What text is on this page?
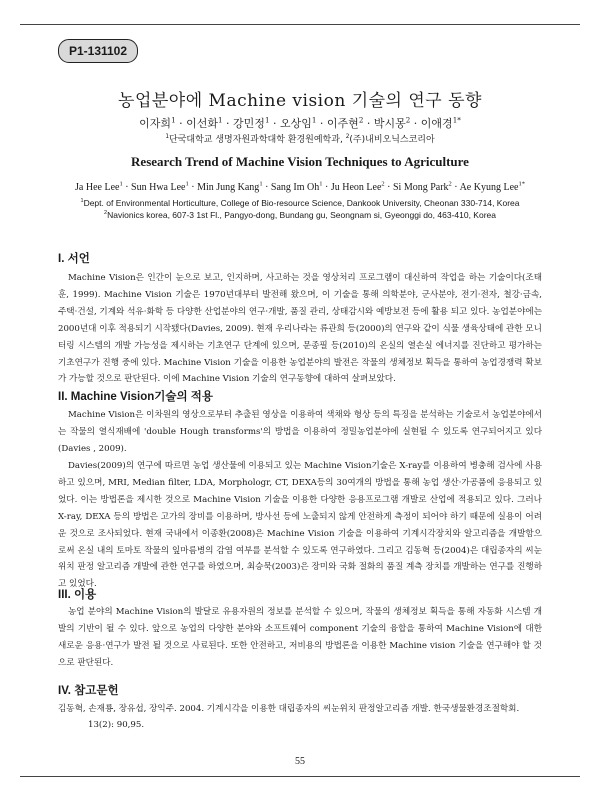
P1-131102
농업분야에 Machine vision 기술의 연구 동향
이자희$^1$ · 이선화$^1$ · 강민정$^1$ · 오상임$^1$ · 이주현$^2$ · 박시몽$^2$ · 이애경$^{1*}$
$^1$단국대학교 생명자원과학대학 환경원예학과, $^2$(주)내비오닉스코리아
Research Trend of Machine Vision Techniques to Agriculture
Ja Hee Lee$^1$ · Sun Hwa Lee$^1$ · Min Jung Kang$^1$ · Sang Im $Oh^1 \cdot Ju$ Heon Lee$^2$ · Si Mong Park$^2$ · Ae Kyung Lee$^{1*}$
$^1$Dept. of Environmental Horticulture, College of Bio-resource Science, Dankook University, Cheonan 330-714, Korea
$^2$Navionics korea, 607-3 1st Fl., Pangyo-dong, Bundang gu, Seongnam si, Gyeonggi do, 463-410, Korea
I. 서언

Machine Vision은 인간이 눈으로 보고, 인지하며, 사고하는 것을 영상처리 프로그램이 대신하여 작업을 하는 기술이다(조태훈, 1999). Machine Vision 기술은 1970년대부터 발전해 왔으며, 이 기술을 통해 의학분야, 군사분야, 전기·전자, 철강·금속, 주택·건설, 기계와 석유·화학 등 다양한 산업분야의 연구·개발, 품질 관리, 상태감시와 예방보전 등에 활용 되고 있다. 농업분야에는 2000년대 이후 적용되기 시작됐다(Davies, 2009). 현재 우리나라는 류관희 등(2000)의 연구와 같이 식물 생육상태에 관한 모니터링 시스템의 개발 가능성을 제시하는 기초연구 단계에 있으며, 문종필 등(2010)의 온실의 열손실 에너지를 진단하고 평가하는 기초연구가 진행 중에 있다. Machine Vision 기술을 이용한 농업분야의 발전은 작물의 생체정보 획득을 통하여 농업경쟁력 확보가 가능할 것으로 판단된다. 이에 Machine Vision 기술의 연구동향에 대하여 살펴보았다.

II. Machine Vision기술의 적용

Machine Vision은 이차원의 영상으로부터 추출된 영상을 이용하여 색채와 형상 등의 특징을 분석하는 기술로서 농업분야에서는 작물의 열식재배에 'double Hough transforms'의 방법을 이용하여 정밀농업분야에 실현될 수 있도록 연구되어지고 있다(Davies , 2009).

Davies(2009)의 연구에 따르면 농업 생산물에 이용되고 있는 Machine Vision기술은 X-ray를 이용하여 병충해 검사에 사용하고 있으며, MRI, Median filter, LDA, Morphologr, CT, DEXA등의 30여개의 방법을 통해 농업 생산·가공품에 응용되고 있었다. 이는 방법론을 제시한 것으로 Machine Vision 기술을 이용한 다양한 응용프로그램 개발로 산업에 적용되고 있다. 그러나 X-ray, DEXA 등의 방법은 고가의 장비를 이용하며, 방사선 등에 노출되지 않게 안전하게 측정이 되어야 하기 때문에 실용이 어려운 것으로 조사되었다. 현재 국내에서 이종환(2008)은 Machine Vision 기술을 이용하여 기계시각장치와 알고리즘을 개발함으로써 온실 내의 토마토 작물의 잎마름병의 감염 여부를 분석할 수 있도록 연구하였다. 그리고 김동혁 등(2004)은 대립종자의 씨눈위치 판정 알고리즘 개발에 관한 연구를 하였으며, 최승묵(2003)은 장미와 국화 절화의 품질 계측 장치를 개발하는 연구를 진행하고 있었다.

III. 이용

농업 분야의 Machine Vision의 발달로 유용자원의 정보를 분석할 수 있으며, 작물의 생체정보 획득을 통해 자동화 시스템 개발의 기반이 될 수 있다. 앞으로 농업의 다양한 분야와 소프트웨어 component 기술의 융합을 통하여 Machine Vision에 대한 새로운 응용·연구가 발전 될 것으로 사료된다. 또한 안전하고, 저비용의 방법론을 이용한 Machine vision 기술을 연구해야 할 것으로 판단된다.

IV. 참고문헌

김동혁, 손재룡, 장유섭, 장익주. 2004. 기계시각을 이용한 대립종자의 씨눈위치 판정알고리즘 개발. 한국생물환경조절학회.
13(2): 90,95.

55
